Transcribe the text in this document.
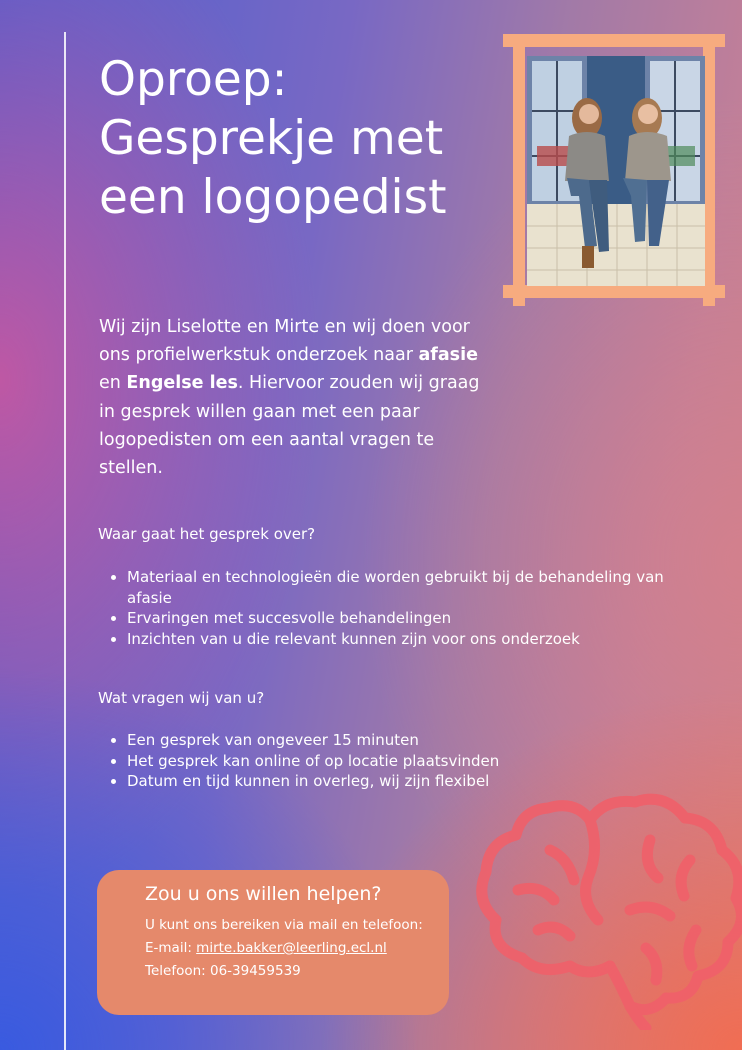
Oproep:
Gesprekje met
een logopedist

Wij zijn Liselotte en Mirte en wij doen voor ons profielwerkstuk onderzoek naar afasie en Engelse les. Hiervoor zouden wij graag in gesprek willen gaan met een paar logopedisten om een aantal vragen te stellen.

Waar gaat het gesprek over?
Materiaal en technologieën die worden gebruikt bij de behandeling van afasie
Ervaringen met succesvolle behandelingen
Inzichten van u die relevant kunnen zijn voor ons onderzoek
Wat vragen wij van u?
Een gesprek van ongeveer 15 minuten
Het gesprek kan online of op locatie plaatsvinden
Datum en tijd kunnen in overleg, wij zijn flexibel
Zou u ons willen helpen?
U kunt ons bereiken via mail en telefoon:
E-mail: mirte.bakker@leerling.ecl.nl
Telefoon: 06-39459539
